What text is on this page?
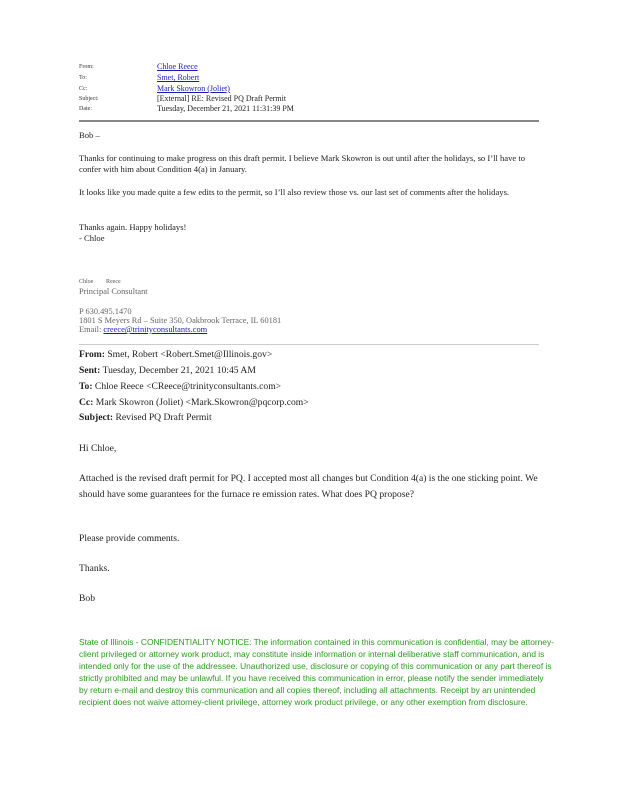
From:	Chloe Reece
To:	Smet, Robert
Cc:	Mark Skowron (Joliet)
Subject:	[External] RE: Revised PQ Draft Permit
Date:	Tuesday, December 21, 2021 11:31:39 PM
Bob –
Thanks for continuing to make progress on this draft permit. I believe Mark Skowron is out until after the holidays, so I’ll have to confer with him about Condition 4(a) in January.
It looks like you made quite a few edits to the permit, so I’ll also review those vs. our last set of comments after the holidays.
Thanks again. Happy holidays!
- Chloe
Chloe Reece
Principal Consultant
P 630.495.1470
1801 S Meyers Rd – Suite 350, Oakbrook Terrace, IL 60181
Email: creece@trinityconsultants.com
From: Smet, Robert <Robert.Smet@Illinois.gov>
Sent: Tuesday, December 21, 2021 10:45 AM
To: Chloe Reece <CReece@trinityconsultants.com>
Cc: Mark Skowron (Joliet) <Mark.Skowron@pqcorp.com>
Subject: Revised PQ Draft Permit
Hi Chloe,
Attached is the revised draft permit for PQ. I accepted most all changes but Condition 4(a) is the one sticking point. We should have some guarantees for the furnace re emission rates. What does PQ propose?
Please provide comments.
Thanks.
Bob
State of Illinois - CONFIDENTIALITY NOTICE: The information contained in this communication is confidential, may be attorney-client privileged or attorney work product, may constitute inside information or internal deliberative staff communication, and is intended only for the use of the addressee. Unauthorized use, disclosure or copying of this communication or any part thereof is strictly prohibited and may be unlawful. If you have received this communication in error, please notify the sender immediately by return e-mail and destroy this communication and all copies thereof, including all attachments. Receipt by an unintended recipient does not waive attorney-client privilege, attorney work product privilege, or any other exemption from disclosure.
